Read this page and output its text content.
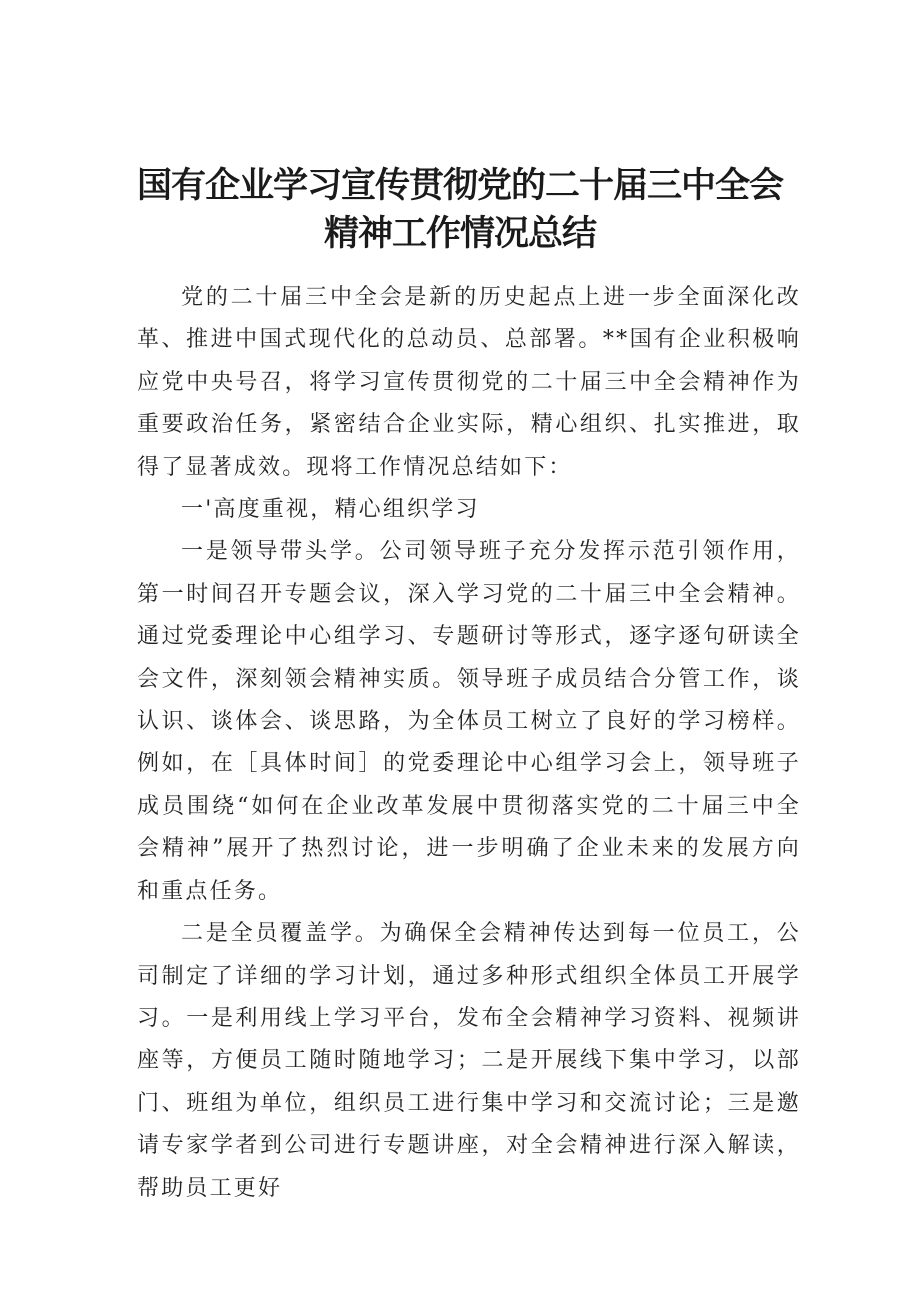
国有企业学习宣传贯彻党的二十届三中全会
精神工作情况总结

党的二十届三中全会是新的历史起点上进一步全面深化改革、推进中国式现代化的总动员、总部署。**国有企业积极响应党中央号召，将学习宣传贯彻党的二十届三中全会精神作为重要政治任务，紧密结合企业实际，精心组织、扎实推进，取得了显著成效。现将工作情况总结如下：

一'高度重视，精心组织学习

一是领导带头学。公司领导班子充分发挥示范引领作用，第一时间召开专题会议，深入学习党的二十届三中全会精神。通过党委理论中心组学习、专题研讨等形式，逐字逐句研读全会文件，深刻领会精神实质。领导班子成员结合分管工作，谈认识、谈体会、谈思路，为全体员工树立了良好的学习榜样。例如，在［具体时间］的党委理论中心组学习会上，领导班子成员围绕“如何在企业改革发展中贯彻落实党的二十届三中全会精神”展开了热烈讨论，进一步明确了企业未来的发展方向和重点任务。

二是全员覆盖学。为确保全会精神传达到每一位员工，公司制定了详细的学习计划，通过多种形式组织全体员工开展学习。一是利用线上学习平台，发布全会精神学习资料、视频讲座等，方便员工随时随地学习；二是开展线下集中学习，以部门、班组为单位，组织员工进行集中学习和交流讨论；三是邀请专家学者到公司进行专题讲座，对全会精神进行深入解读，帮助员工更好
